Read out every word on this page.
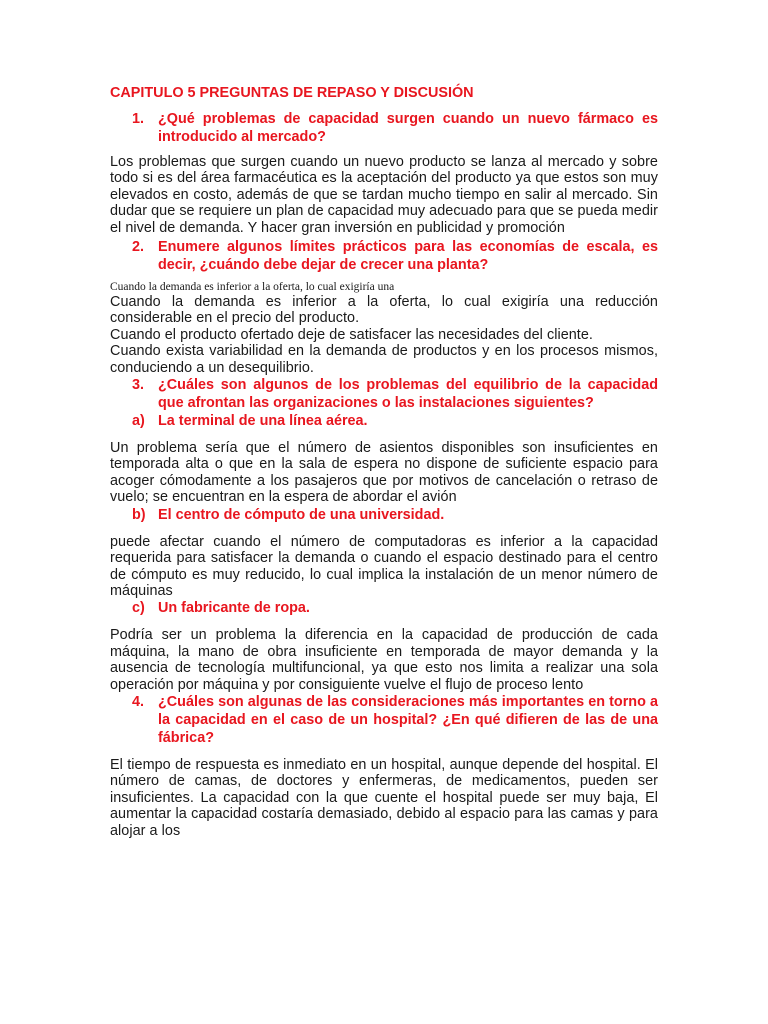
CAPITULO 5 PREGUNTAS DE REPASO Y DISCUSIÓN
1. ¿Qué problemas de capacidad surgen cuando un nuevo fármaco es introducido al mercado?

Los problemas que surgen cuando un nuevo producto se lanza al mercado y sobre todo si es del área farmacéutica es la aceptación del producto ya que estos son muy elevados en costo, además de que se tardan mucho tiempo en salir al mercado. Sin dudar que se requiere un plan de capacidad muy adecuado para que se pueda medir el nivel de demanda. Y hacer gran inversión en publicidad y promoción

2. Enumere algunos límites prácticos para las economías de escala, es decir, ¿cuándo debe dejar de crecer una planta?

Cuando la demanda es inferior a la oferta, lo cual exigiría una

Cuando la demanda es inferior a la oferta, lo cual exigiría una reducción considerable en el precio del producto.

Cuando el producto ofertado deje de satisfacer las necesidades del cliente.

Cuando exista variabilidad en la demanda de productos y en los procesos mismos, conduciendo a un desequilibrio.

3. ¿Cuáles son algunos de los problemas del equilibrio de la capacidad que afrontan las organizaciones o las instalaciones siguientes?
a) La terminal de una línea aérea.

Un problema sería que el número de asientos disponibles son insuficientes en temporada alta o que en la sala de espera no dispone de suficiente espacio para acoger cómodamente a los pasajeros que por motivos de cancelación o retraso de vuelo; se encuentran en la espera de abordar el avión

b) El centro de cómputo de una universidad.

puede afectar cuando el número de computadoras es inferior a la capacidad requerida para satisfacer la demanda o cuando el espacio destinado para el centro de cómputo es muy reducido, lo cual implica la instalación de un menor número de máquinas

c) Un fabricante de ropa.

Podría ser un problema la diferencia en la capacidad de producción de cada máquina, la mano de obra insuficiente en temporada de mayor demanda y la ausencia de tecnología multifuncional, ya que esto nos limita a realizar una sola operación por máquina y por consiguiente vuelve el flujo de proceso lento

4. ¿Cuáles son algunas de las consideraciones más importantes en torno a la capacidad en el caso de un hospital? ¿En qué difieren de las de una fábrica?

El tiempo de respuesta es inmediato en un hospital, aunque depende del hospital. El número de camas, de doctores y enfermeras, de medicamentos, pueden ser insuficientes. La capacidad con la que cuente el hospital puede ser muy baja, El aumentar la capacidad costaría demasiado, debido al espacio para las camas y para alojar a los
